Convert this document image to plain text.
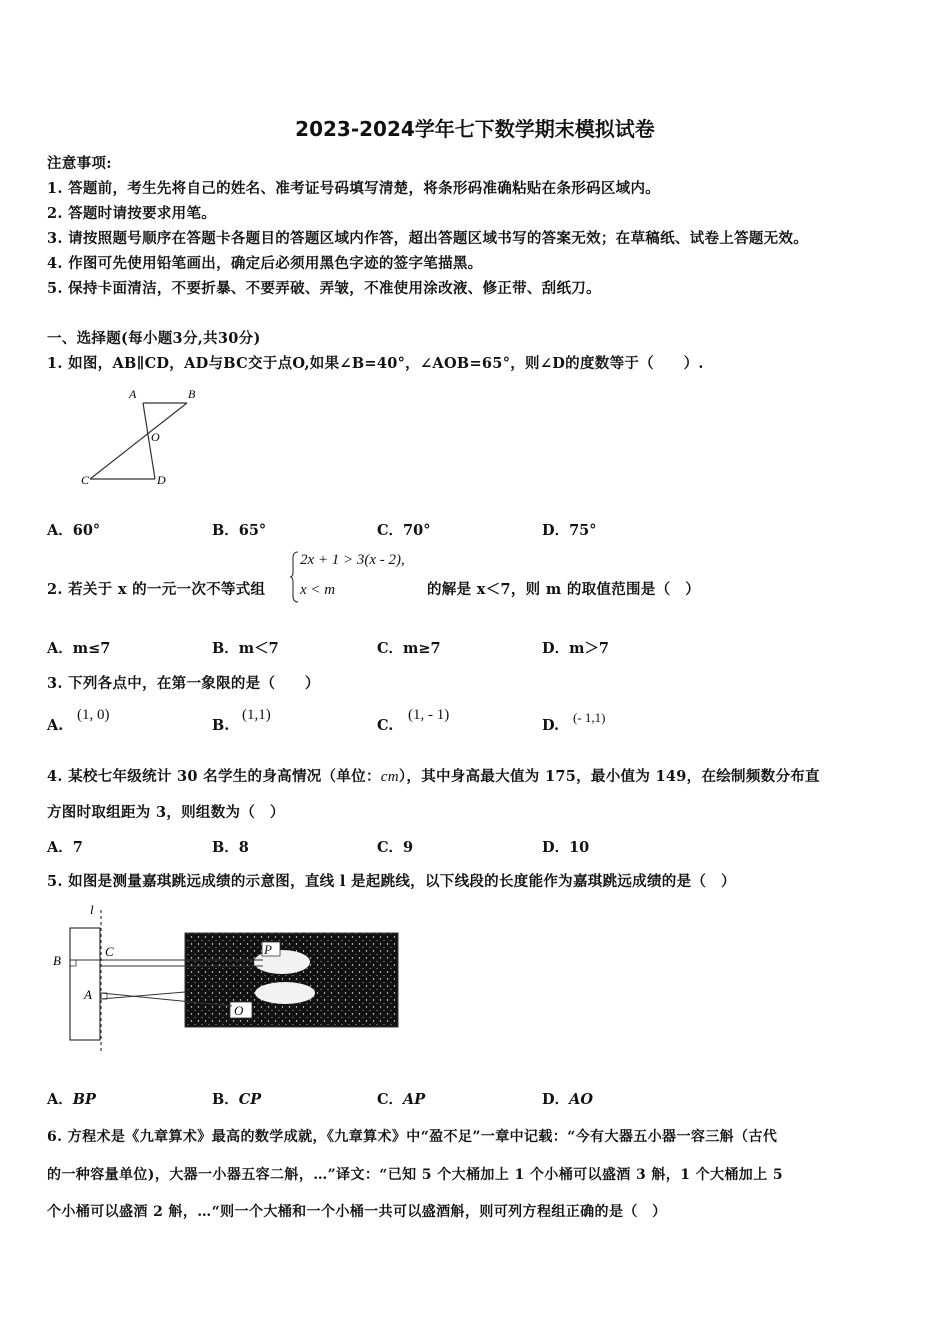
2023-2024学年七下数学期末模拟试卷
注意事项:
1. 答题前，考生先将自己的姓名、准考证号码填写清楚，将条形码准确粘贴在条形码区域内。
2. 答题时请按要求用笔。
3. 请按照题号顺序在答题卡各题目的答题区域内作答，超出答题区域书写的答案无效；在草稿纸、试卷上答题无效。
4. 作图可先使用铅笔画出，确定后必须用黑色字迹的签字笔描黑。
5. 保持卡面清洁，不要折暴、不要弄破、弄皱，不准使用涂改液、修正带、刮纸刀。
一、选择题(每小题3分,共30分)
1. 如图，AB∥CD，AD与BC交于点O,如果∠B=40°，∠AOB=65°，则∠D的度数等于（　　）.
A	B
O
C	D
A．60°	B．65°	C．70°	D．75°
2. 若关于 x 的一元一次不等式组
2x + 1 > 3(x - 2),
x < m	的解是 x＜7，则 m 的取值范围是（　）
A．m≤7	B．m＜7	C．m≥7	D．m＞7
3. 下列各点中，在第一象限的是（　　）
A.
(1, 0)
B.
(1,1)
C.
(1, - 1)
D. (- 1,1)
4. 某校七年级统计 30 名学生的身高情况（单位：cm），其中身高最大值为 175，最小值为 149，在绘制频数分布直
方图时取组距为 3，则组数为（　）
A．7	B．8	C．9	D．10
5. 如图是测量嘉琪跳远成绩的示意图，直线 l 是起跳线，以下线段的长度能作为嘉琪跳远成绩的是（　）
l
P
O
B
C
A
A．BP	B．CP	C．AP	D．AO
6. 方程术是《九章算术》最高的数学成就，《九章算术》中“盈不足”一章中记载：“今有大器五小器一容三斛（古代
的一种容量单位)，大器一小器五容二斛，…”译文：“已知 5 个大桶加上 1 个小桶可以盛酒 3 斛，1 个大桶加上 5
个小桶可以盛酒 2 斛，…“则一个大桶和一个小桶一共可以盛酒斛，则可列方程组正确的是（　）
